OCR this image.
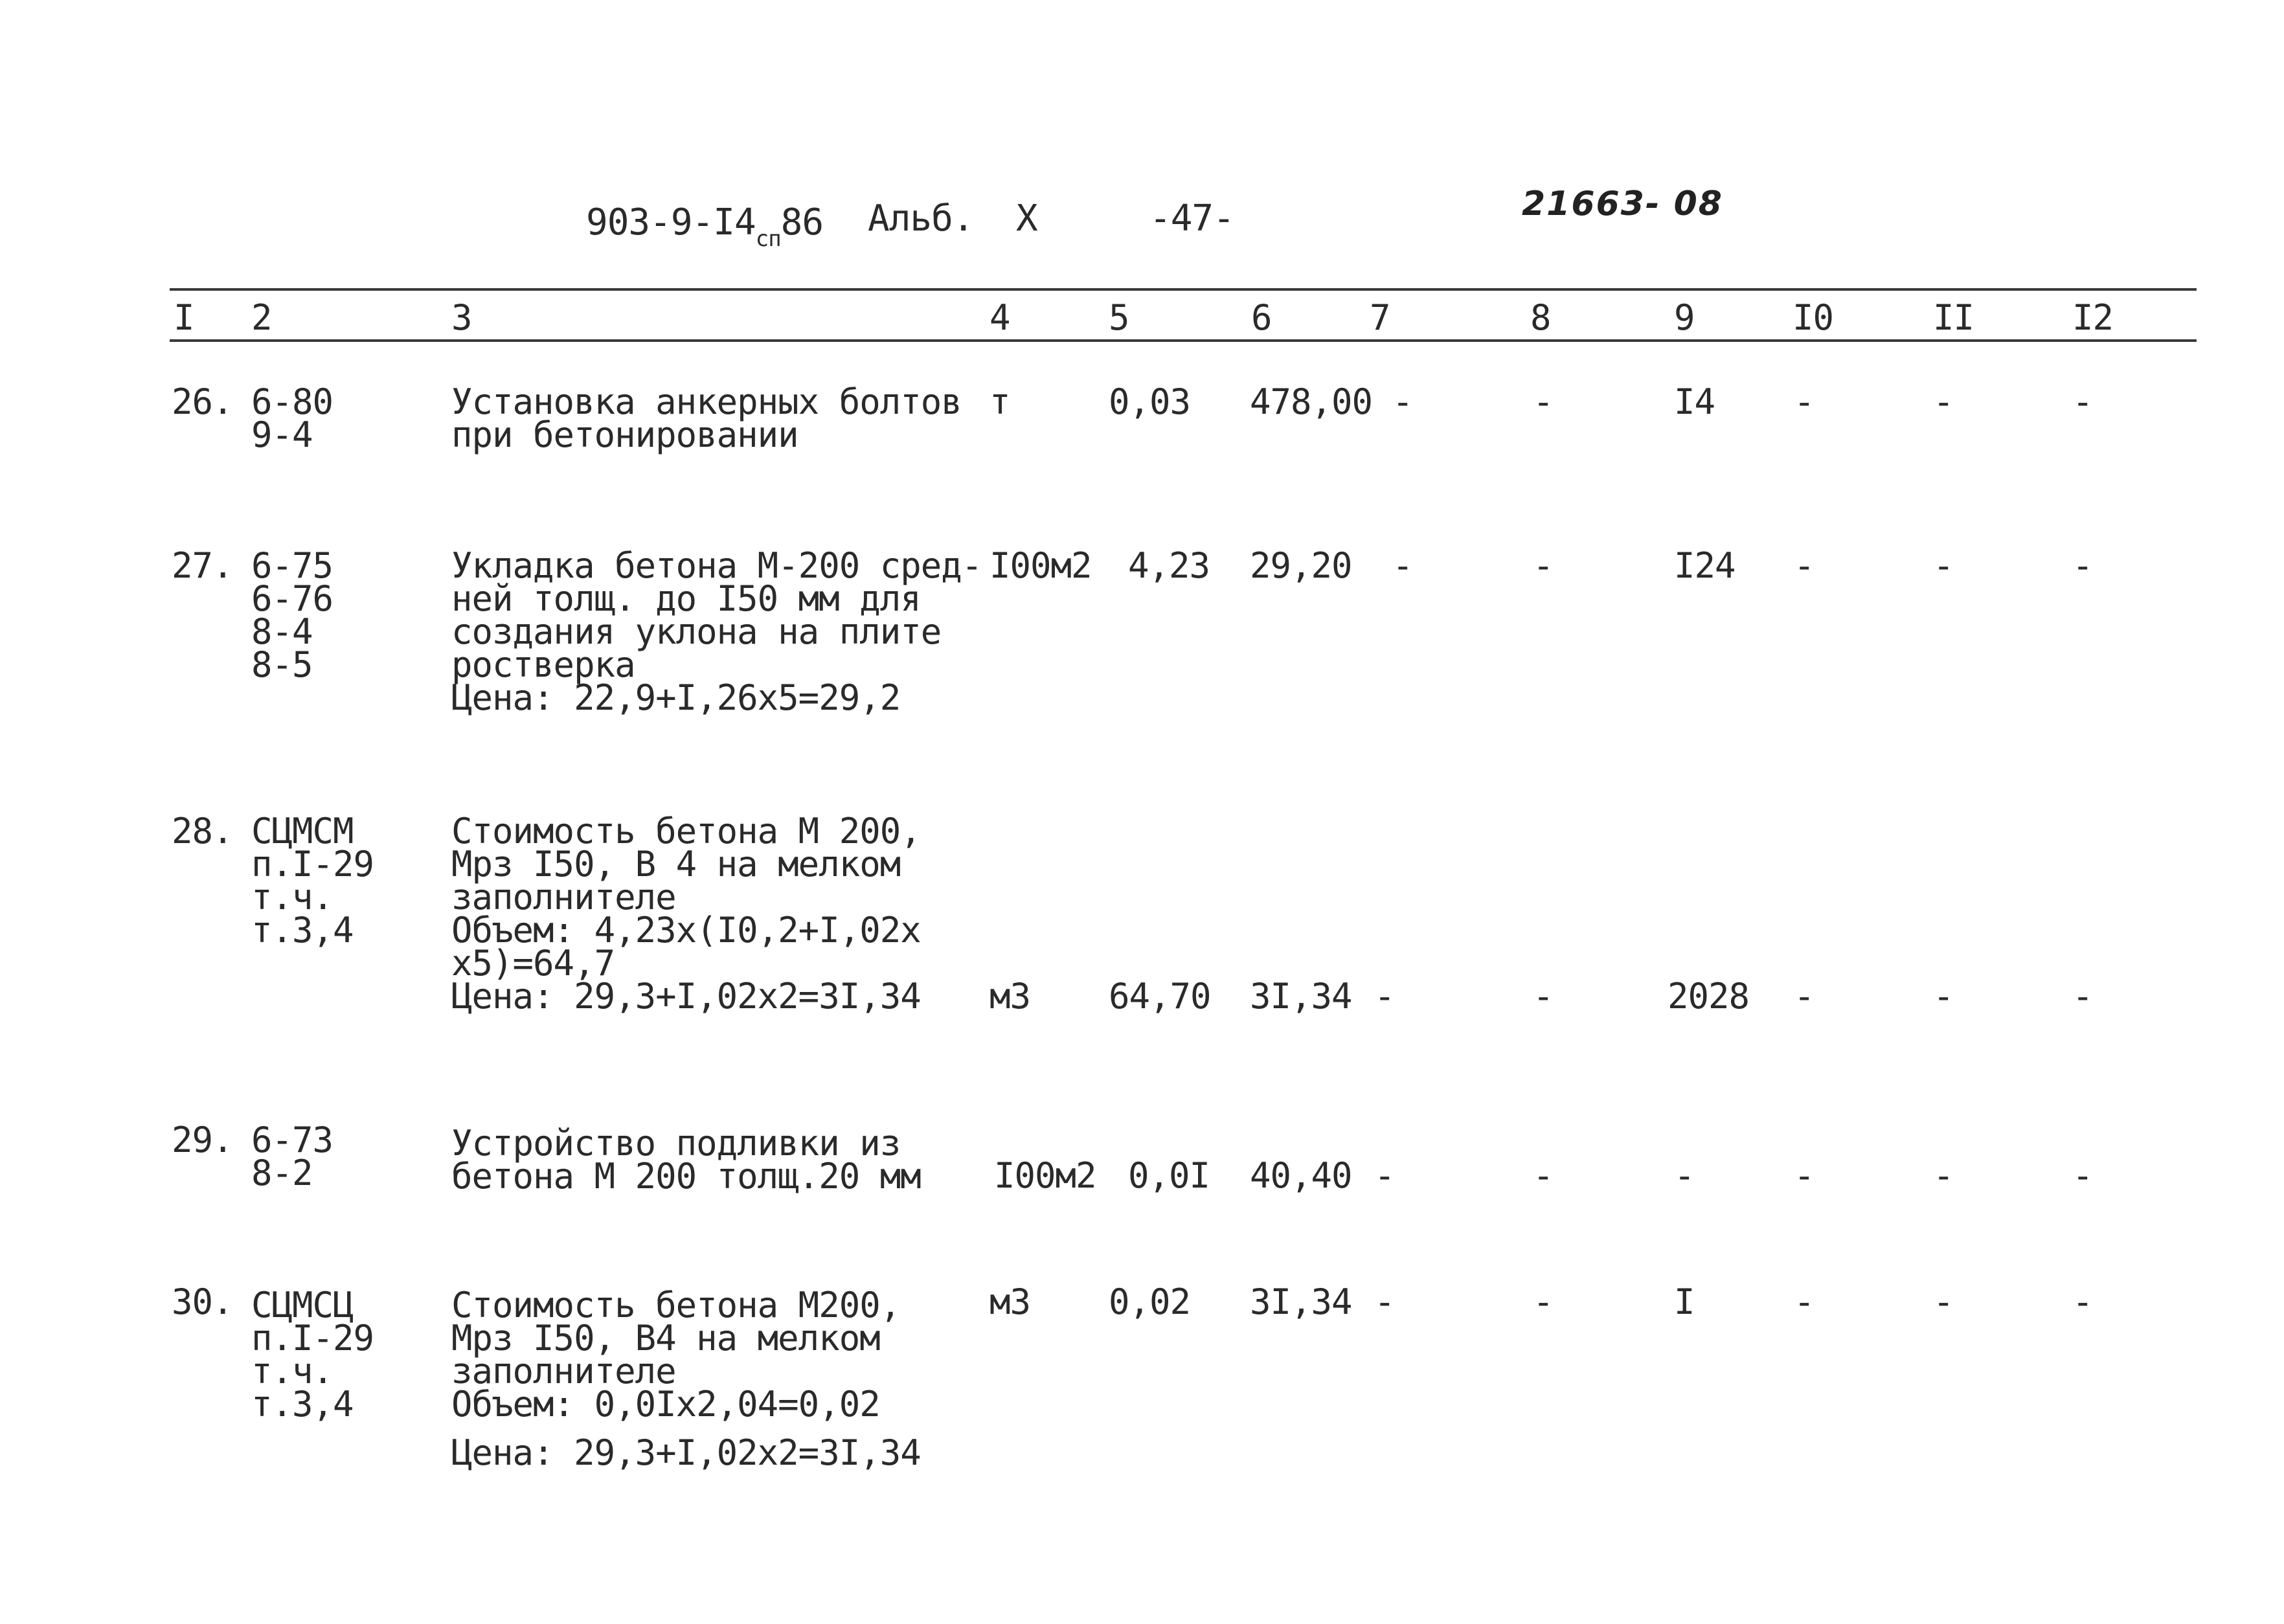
$903-9-I4_{сп}86$ Альб.  X	-47-	21663- 08
I 2	3	4	5	6	7	8	9	I0	II	I2
26. 6-80
9-4
Установка анкерных болтов
при бетонировании
т	0,03 478,00 -	-	I4 -	-	-
27. 6-75
6-76
8-4
8-5
Укладка бетона М-200 сред-
ней толщ. до I50 мм для
создания уклона на плите
ростверка
Цена: 22,9+I,26х5=29,2
I00м2 4,23 29,20 -	-	I24 -	-	-
28. СЦМСМ
п.I-29
т.ч.
т.3,4
Стоимость бетона М 200,
Мрз I50, В 4 на мелком
заполнителе
Объем: 4,23х(I0,2+I,02х
х5)=64,7
Цена: 29,3+I,02х2=3I,34 м3 64,70 3I,34 -	-	2028 -	-	-
29. 6-73
8-2
Устройство подливки из
бетона М 200 толщ.20 мм I00м2 0,0I 40,40 -	-	-	-	-	-
30. СЦМСЦ
п.I-29
т.ч.
т.3,4
Стоимость бетона М200,
Мрз I50, В4 на мелком
заполнителе
Объем: 0,0Iх2,04=0,02
Цена: 29,3+I,02х2=3I,34
м3 0,02 3I,34 -	-	I	-	-	-
